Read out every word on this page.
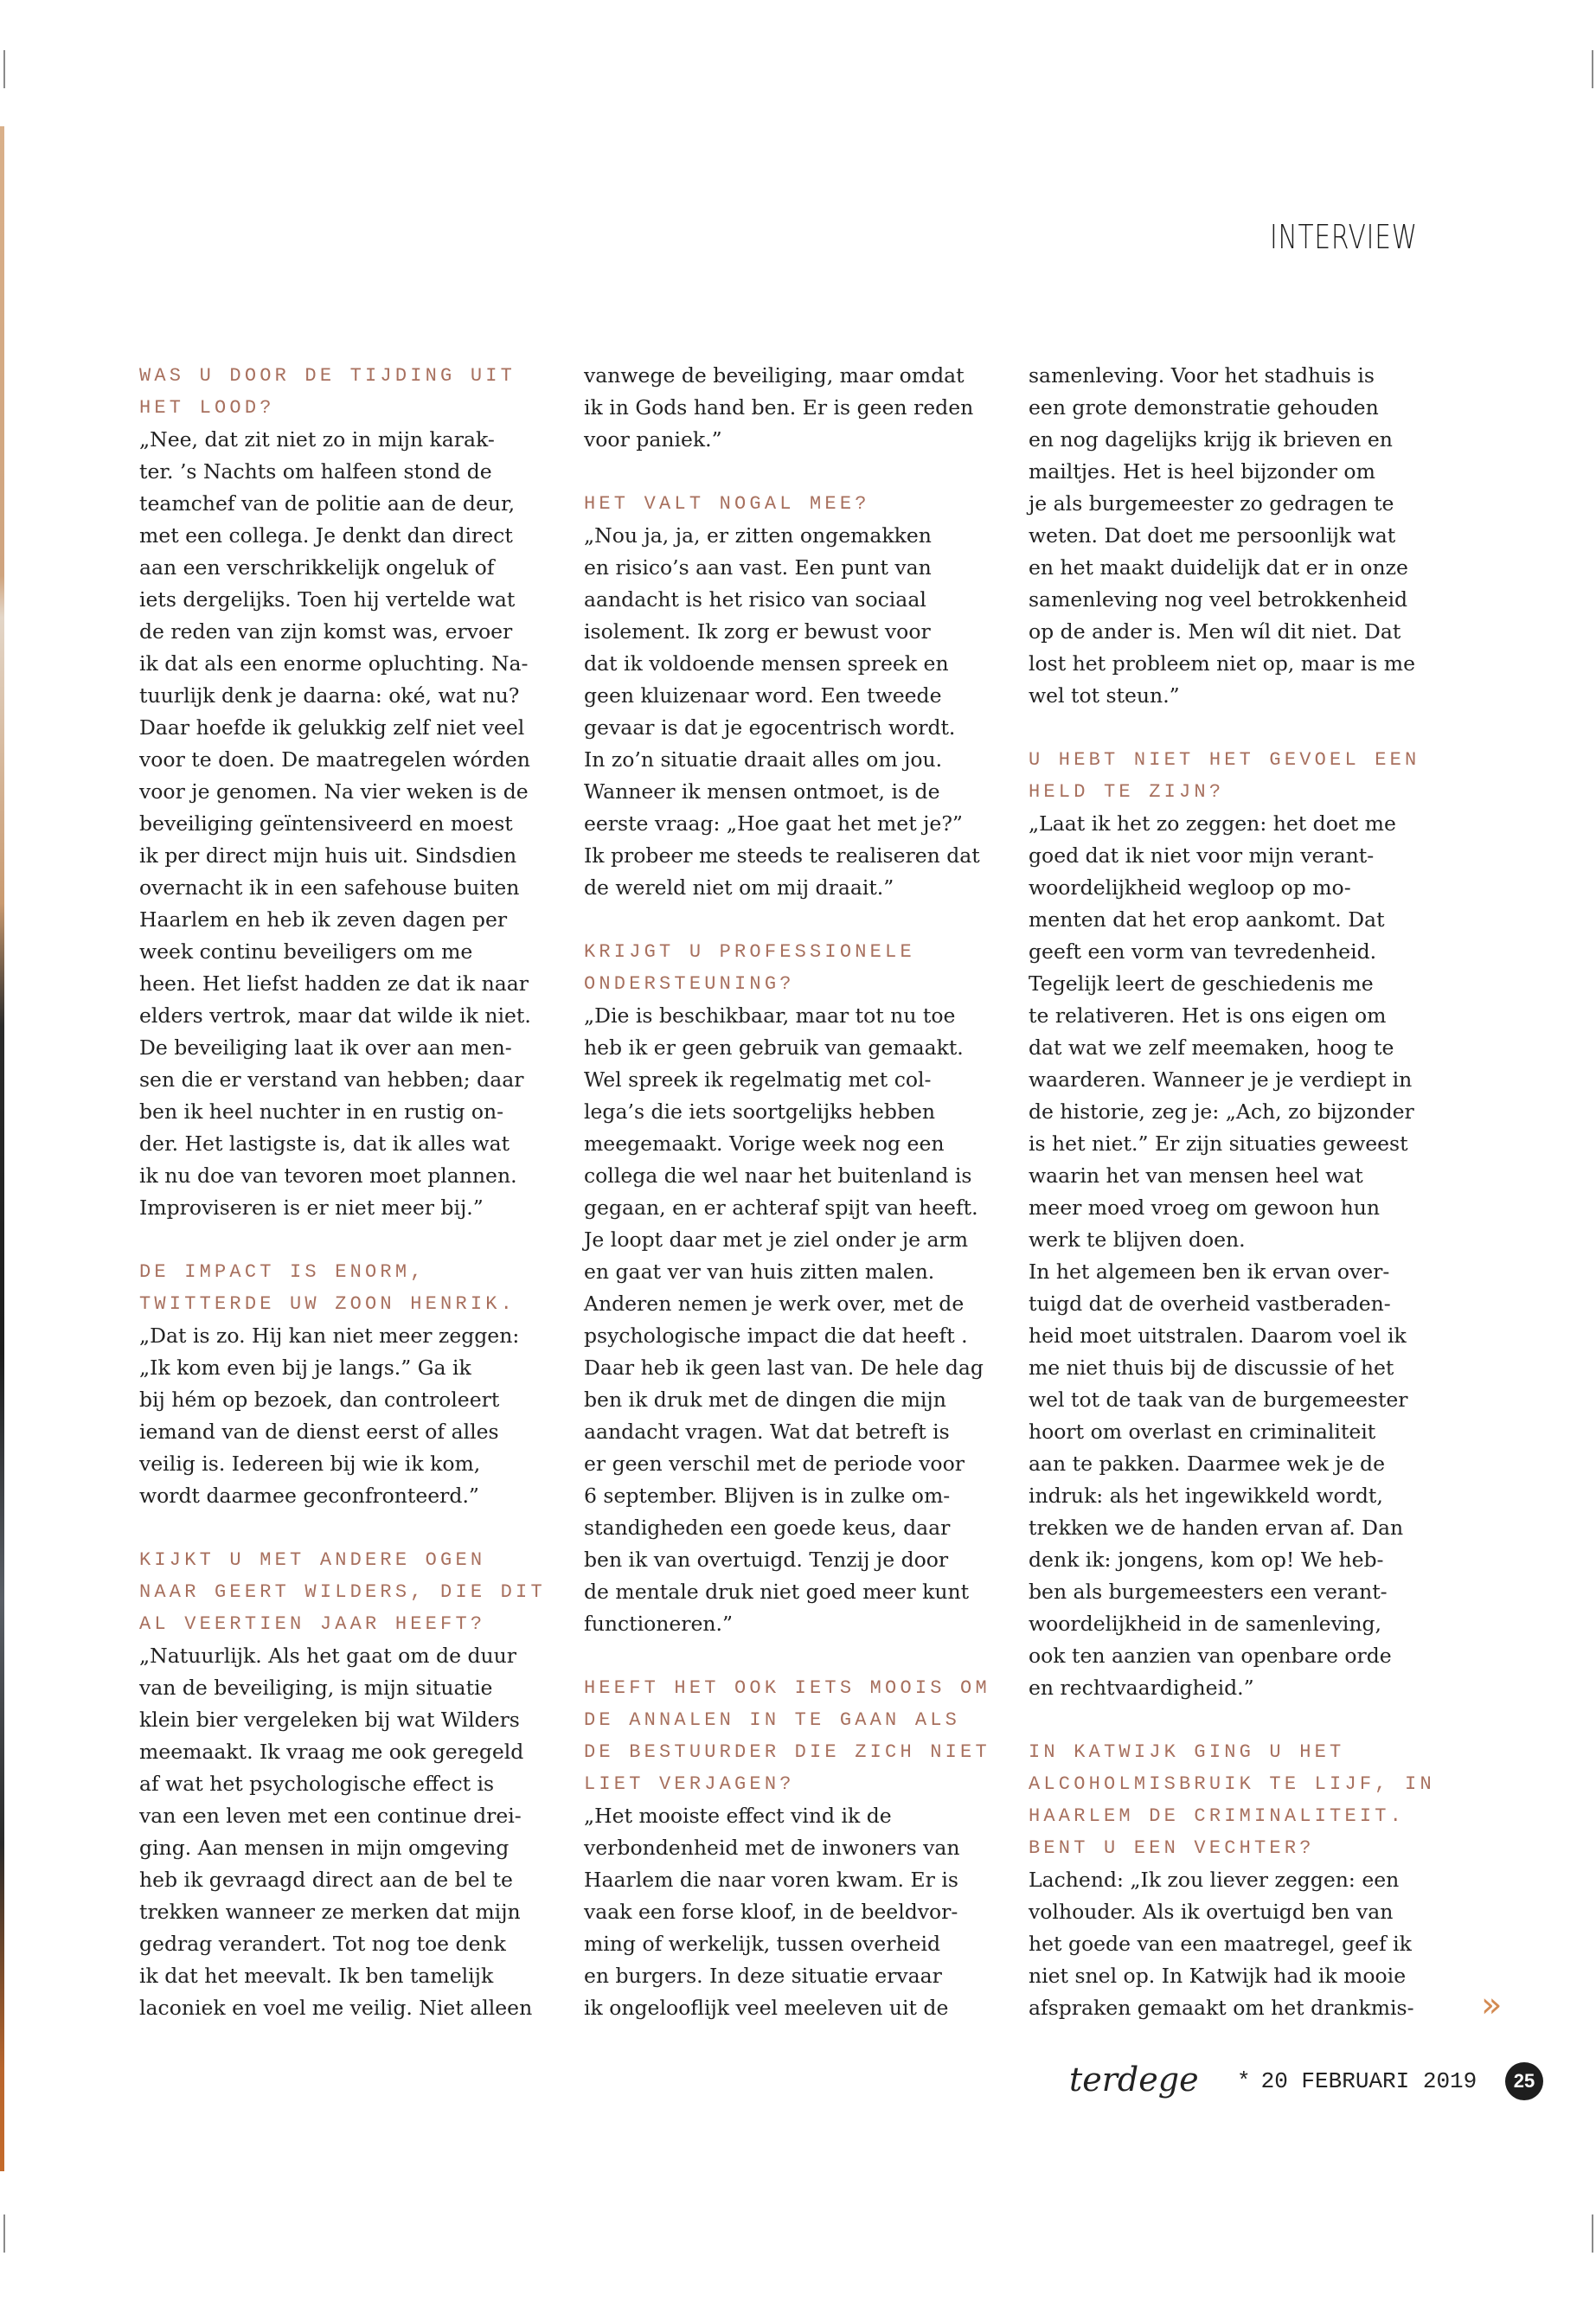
INTERVIEW
WAS U DOOR DE TIJDING UIT
HET LOOD?
„Nee, dat zit niet zo in mijn karak-
ter. ’s Nachts om halfeen stond de
teamchef van de politie aan de deur,
met een collega. Je denkt dan direct
aan een verschrikkelijk ongeluk of
iets dergelijks. Toen hij vertelde wat
de reden van zijn komst was, ervoer
ik dat als een enorme opluchting. Na-
tuurlijk denk je daarna: oké, wat nu?
Daar hoefde ik gelukkig zelf niet veel
voor te doen. De maatregelen wórden
voor je genomen. Na vier weken is de
beveiliging geïntensiveerd en moest
ik per direct mijn huis uit. Sindsdien
overnacht ik in een safehouse buiten
Haarlem en heb ik zeven dagen per
week continu beveiligers om me
heen. Het liefst hadden ze dat ik naar
elders vertrok, maar dat wilde ik niet.
De beveiliging laat ik over aan men-
sen die er verstand van hebben; daar
ben ik heel nuchter in en rustig on-
der. Het lastigste is, dat ik alles wat
ik nu doe van tevoren moet plannen.
Improviseren is er niet meer bij.”
DE IMPACT IS ENORM,
TWITTERDE UW ZOON HENRIK.
„Dat is zo. Hij kan niet meer zeggen:
„Ik kom even bij je langs.” Ga ik
bij hém op bezoek, dan controleert
iemand van de dienst eerst of alles
veilig is. Iedereen bij wie ik kom,
wordt daarmee geconfronteerd.”
KIJKT U MET ANDERE OGEN
NAAR GEERT WILDERS, DIE DIT
AL VEERTIEN JAAR HEEFT?
„Natuurlijk. Als het gaat om de duur
van de beveiliging, is mijn situatie
klein bier vergeleken bij wat Wilders
meemaakt. Ik vraag me ook geregeld
af wat het psychologische effect is
van een leven met een continue drei-
ging. Aan mensen in mijn omgeving
heb ik gevraagd direct aan de bel te
trekken wanneer ze merken dat mijn
gedrag verandert. Tot nog toe denk
ik dat het meevalt. Ik ben tamelijk
laconiek en voel me veilig. Niet alleen
vanwege de beveiliging, maar omdat
ik in Gods hand ben. Er is geen reden
voor paniek.”
HET VALT NOGAL MEE?
„Nou ja, ja, er zitten ongemakken
en risico’s aan vast. Een punt van
aandacht is het risico van sociaal
isolement. Ik zorg er bewust voor
dat ik voldoende mensen spreek en
geen kluizenaar word. Een tweede
gevaar is dat je egocentrisch wordt.
In zo’n situatie draait alles om jou.
Wanneer ik mensen ontmoet, is de
eerste vraag: „Hoe gaat het met je?”
Ik probeer me steeds te realiseren dat
de wereld niet om mij draait.”
KRIJGT U PROFESSIONELE
ONDERSTEUNING?
„Die is beschikbaar, maar tot nu toe
heb ik er geen gebruik van gemaakt.
Wel spreek ik regelmatig met col-
lega’s die iets soortgelijks hebben
meegemaakt. Vorige week nog een
collega die wel naar het buitenland is
gegaan, en er achteraf spijt van heeft.
Je loopt daar met je ziel onder je arm
en gaat ver van huis zitten malen.
Anderen nemen je werk over, met de
psychologische impact die dat heeft .
Daar heb ik geen last van. De hele dag
ben ik druk met de dingen die mijn
aandacht vragen. Wat dat betreft is
er geen verschil met de periode voor
6 september. Blijven is in zulke om-
standigheden een goede keus, daar
ben ik van overtuigd. Tenzij je door
de mentale druk niet goed meer kunt
functioneren.”
HEEFT HET OOK IETS MOOIS OM
DE ANNALEN IN TE GAAN ALS
DE BESTUURDER DIE ZICH NIET
LIET VERJAGEN?
„Het mooiste effect vind ik de
verbondenheid met de inwoners van
Haarlem die naar voren kwam. Er is
vaak een forse kloof, in de beeldvor-
ming of werkelijk, tussen overheid
en burgers. In deze situatie ervaar
ik ongelooflijk veel meeleven uit de
samenleving. Voor het stadhuis is
een grote demonstratie gehouden
en nog dagelijks krijg ik brieven en
mailtjes. Het is heel bijzonder om
je als burgemeester zo gedragen te
weten. Dat doet me persoonlijk wat
en het maakt duidelijk dat er in onze
samenleving nog veel betrokkenheid
op de ander is. Men wíl dit niet. Dat
lost het probleem niet op, maar is me
wel tot steun.”
U HEBT NIET HET GEVOEL EEN
HELD TE ZIJN?
„Laat ik het zo zeggen: het doet me
goed dat ik niet voor mijn verant-
woordelijkheid wegloop op mo-
menten dat het erop aankomt. Dat
geeft een vorm van tevredenheid.
Tegelijk leert de geschiedenis me
te relativeren. Het is ons eigen om
dat wat we zelf meemaken, hoog te
waarderen. Wanneer je je verdiept in
de historie, zeg je: „Ach, zo bijzonder
is het niet.” Er zijn situaties geweest
waarin het van mensen heel wat
meer moed vroeg om gewoon hun
werk te blijven doen.
In het algemeen ben ik ervan over-
tuigd dat de overheid vastberaden-
heid moet uitstralen. Daarom voel ik
me niet thuis bij de discussie of het
wel tot de taak van de burgemeester
hoort om overlast en criminaliteit
aan te pakken. Daarmee wek je de
indruk: als het ingewikkeld wordt,
trekken we de handen ervan af. Dan
denk ik: jongens, kom op! We heb-
ben als burgemeesters een verant-
woordelijkheid in de samenleving,
ook ten aanzien van openbare orde
en rechtvaardigheid.”
IN KATWIJK GING U HET
ALCOHOLMISBRUIK TE LIJF, IN
HAARLEM DE CRIMINALITEIT.
BENT U EEN VECHTER?
Lachend: „Ik zou liever zeggen: een
volhouder. Als ik overtuigd ben van
het goede van een maatregel, geef ik
niet snel op. In Katwijk had ik mooie
afspraken gemaakt om het drankmis-	»
terdege * 20 FEBRUARI 2019	25
